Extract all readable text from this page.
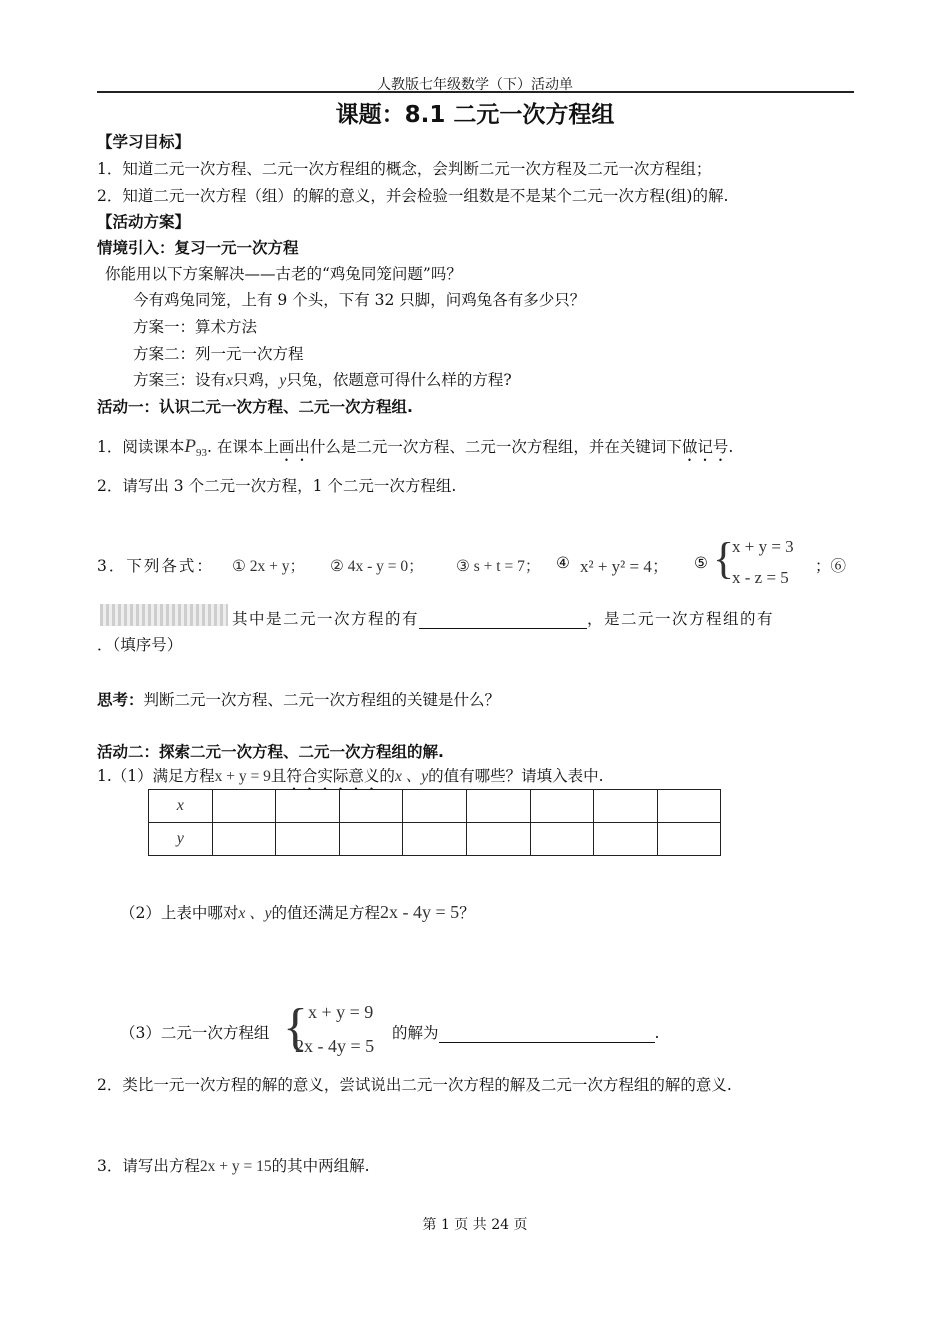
人教版七年级数学（下）活动单
课题：8.1 二元一次方程组
【学习目标】
1．知道二元一次方程、二元一次方程组的概念，会判断二元一次方程及二元一次方程组；
2．知道二元一次方程（组）的解的意义，并会检验一组数是不是某个二元一次方程(组)的解.
【活动方案】
情境引入：复习一元一次方程
你能用以下方案解决——古老的“鸡兔同笼问题”吗？
今有鸡兔同笼，上有 9 个头，下有 32 只脚，问鸡兔各有多少只？
方案一：算术方法
方案二：列一元一次方程
方案三：设有x只鸡，y只兔，依题意可得什么样的方程?
活动一：认识二元一次方程、二元一次方程组.
1．阅读课本$P_{93}$. 在课本上画出什么是二元一次方程、二元一次方程组，并在关键词下做记号.
2．请写出 3 个二元一次方程，1 个二元一次方程组.
3．下列各式： ① 2x + y； ② 4x - y = 0； ③ s + t = 7； ④ x² + y² = 4； ⑤ {
x + y = 3
x - z = 5
；⑥
其中是二元一次方程的有	，是二元一次方程组的有
．（填序号）
思考：判断二元一次方程、二元一次方程组的关键是什么？
活动二：探索二元一次方程、二元一次方程组的解.
1.（1）满足方程x + y = 9且符合实际意义的x 、y的值有哪些？请填入表中.
x								
y								
（2）上表中哪对x 、y的值还满足方程2x - 4y = 5？
（3）二元一次方程组 { x + y = 9
2x - 4y = 5
的解为	.
2．类比一元一次方程的解的意义，尝试说出二元一次方程的解及二元一次方程组的解的意义.
3．请写出方程2x + y = 15的其中两组解.
第 1 页 共 24 页
